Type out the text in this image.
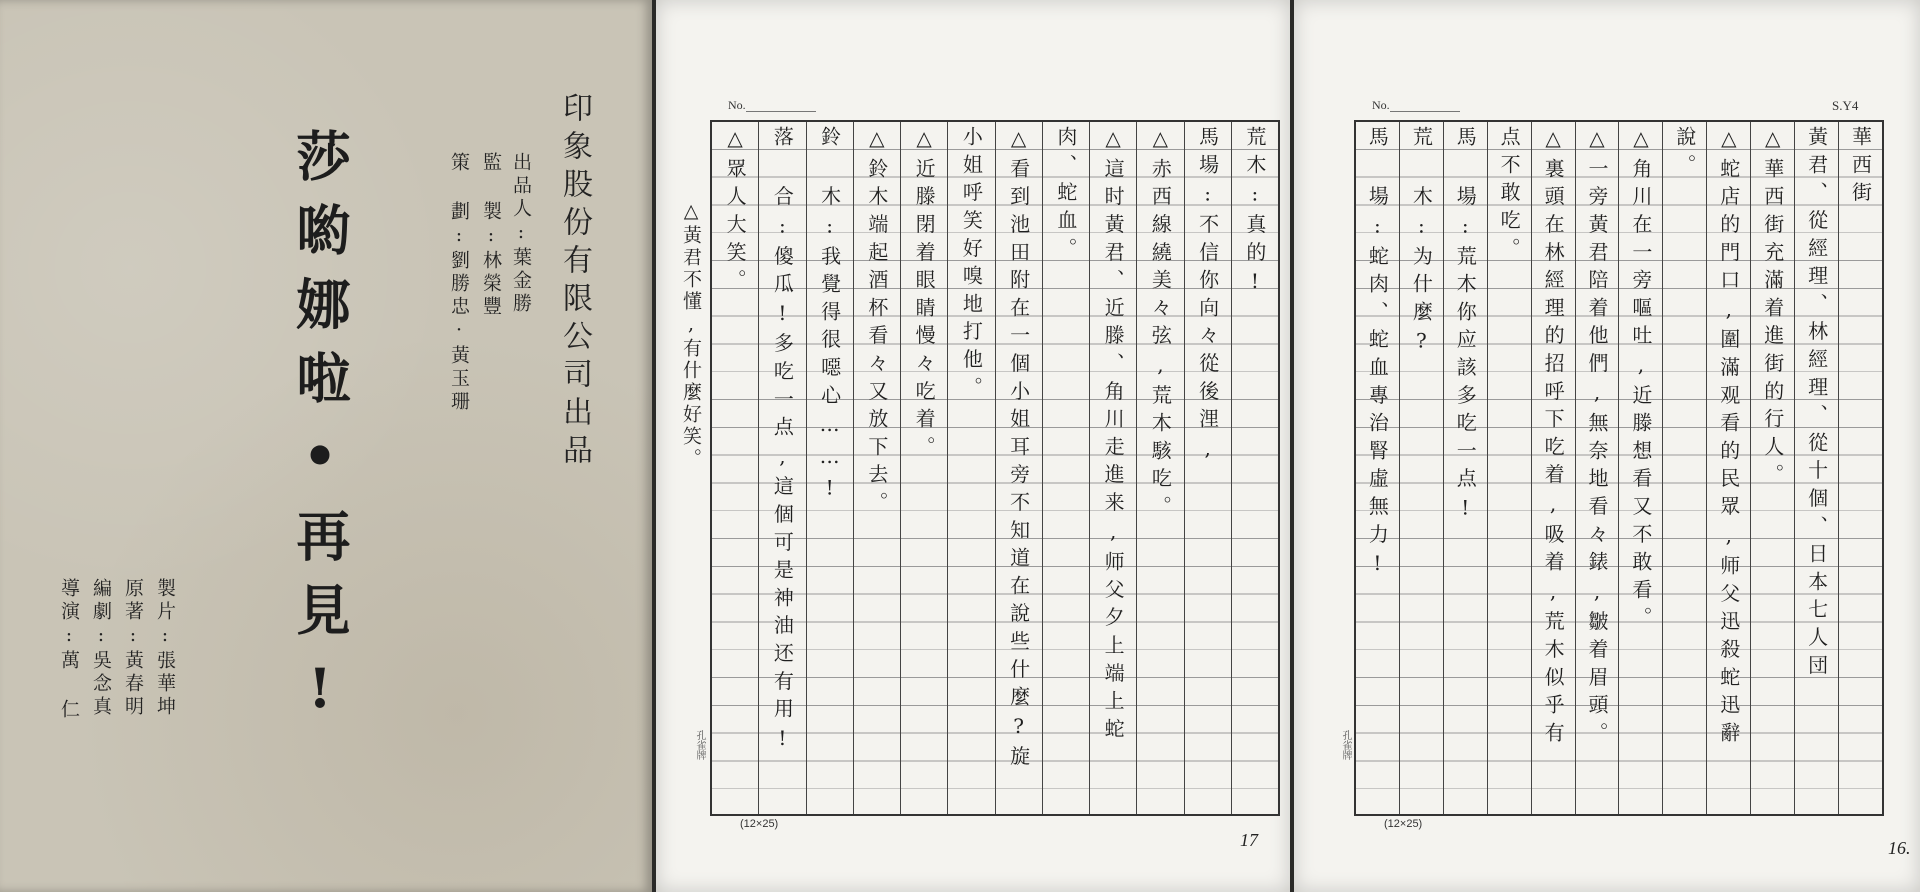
莎喲娜啦•再見!	印象股份有限公司出品
出品人:葉金勝
監 製:林榮豐
策 劃:劉勝忠·黃玉珊
製片:張華坤
原著:黃春明
編劇:吳念真
導演:萬 仁
No.
荒木:真的!
馬場:不信你向々從後浬,
△赤西線繞美々弦,荒木駭吃。
△這时黃君、近滕、角川走進来,师父夕上端上蛇
肉、蛇血。
△看到池田附在一個小姐耳旁不知道在說些什麼?旋
小姐呼笑好嗅地打他。
△近滕閉着眼睛慢々吃着。
△鈴木端起酒杯看々又放下去。
鈴 木:我覺得很噁心……!
落 合:傻瓜!多吃一点,這個可是神油还有用!
△眾人大笑。
△黃君不懂,有什麼好笑。
孔雀牌
(12×25)
17
No.	S.Y4
華西街
黃君、從經理、林經理、從十個、日本七人団
△華西街充滿着進街的行人。
△蛇店的門口,圍滿观看的民眾,师父迅殺蛇迅辭
說。
△角川在一旁嘔吐,近滕想看又不敢看。
△一旁黃君陪着他們,無奈地看々錶,皺着眉頭。
△裏頭在林經理的招呼下吃着,吸着,荒木似乎有
点不敢吃。
馬 場:荒木你应該多吃一点!
荒 木:为什麼?
馬 場:蛇肉、蛇血專治腎虛無力!
孔雀牌
(12×25)
16.
